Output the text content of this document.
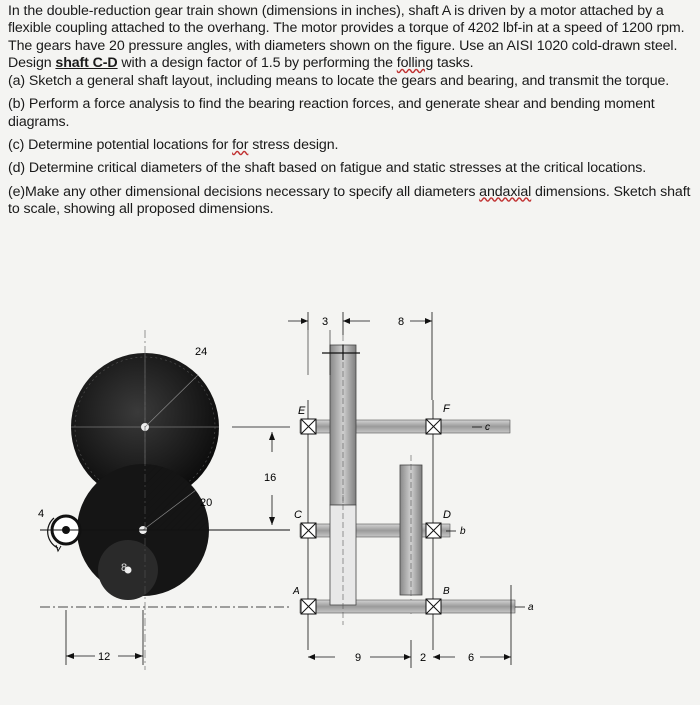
In the double-reduction gear train shown (dimensions in inches), shaft A is driven by a motor attached by a flexible coupling attached to the overhang. The motor provides a torque of 4202 lbf-in at a speed of 1200 rpm. The gears have 20 pressure angles, with diameters shown on the figure. Use an AISI 1020 cold-drawn steel. Design shaft C-D with a design factor of 1.5 by performing the folling tasks.

(a) Sketch a general shaft layout, including means to locate the gears and bearing, and transmit the torque.

(b) Perform a force analysis to find the bearing reaction forces, and generate shear and bending moment diagrams.

(c) Determine potential locations for for stress design.

(d) Determine critical diameters of the shaft based on fatigue and static stresses at the critical locations.

(e)Make any other dimensional decisions necessary to specify all diameters andaxial dimensions. Sketch shaft to scale, showing all proposed dimensions.

24
20
4
8
16
12
E	F
C	D
A	B
c
b
a
3	8
9	2	6
